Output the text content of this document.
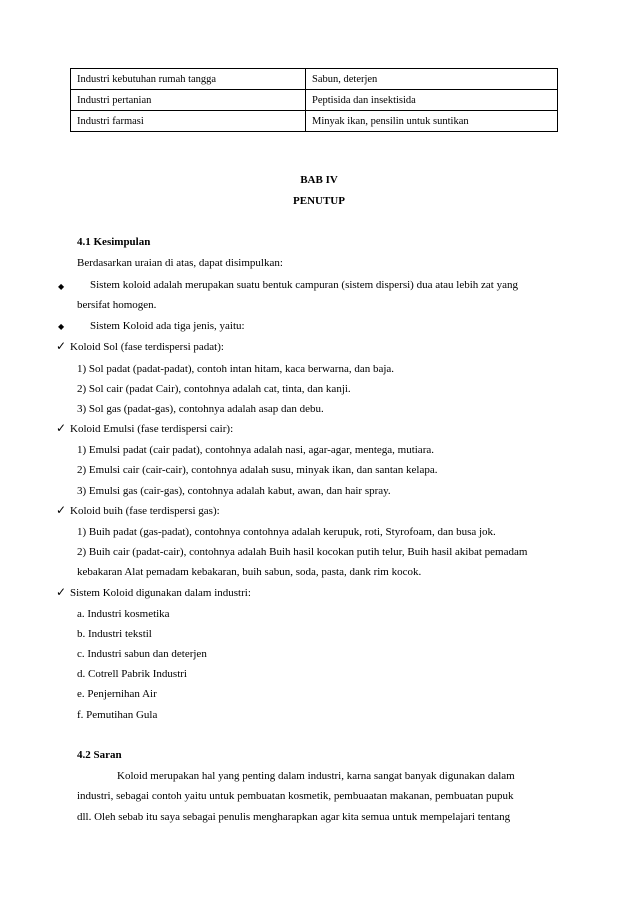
Industri kebutuhan rumah tangga	Sabun, deterjen
Industri pertanian	Peptisida dan insektisida
Industri farmasi	Minyak ikan, pensilin untuk suntikan
BAB IV
PENUTUP
4.1 Kesimpulan
Berdasarkan uraian di atas, dapat disimpulkan:
◆ Sistem koloid adalah merupakan suatu bentuk campuran (sistem dispersi) dua atau lebih zat yang
bersifat homogen.
◆ Sistem Koloid ada tiga jenis, yaitu:
✓ Koloid Sol (fase terdispersi padat):
1) Sol padat (padat-padat), contoh intan hitam, kaca berwarna, dan baja.
2) Sol cair (padat Cair), contohnya adalah cat, tinta, dan kanji.
3) Sol gas (padat-gas), contohnya adalah asap dan debu.
✓ Koloid Emulsi (fase terdispersi cair):
1) Emulsi padat (cair padat), contohnya adalah nasi, agar-agar, mentega, mutiara.
2) Emulsi cair (cair-cair), contohnya adalah susu, minyak ikan, dan santan kelapa.
3) Emulsi gas (cair-gas), contohnya adalah kabut, awan, dan hair spray.
✓ Koloid buih (fase terdispersi gas):
1) Buih padat (gas-padat), contohnya contohnya adalah kerupuk, roti, Styrofoam, dan busa jok.
2) Buih cair (padat-cair), contohnya adalah Buih hasil kocokan putih telur, Buih hasil akibat pemadam
kebakaran Alat pemadam kebakaran, buih sabun, soda, pasta, dank rim kocok.
✓ Sistem Koloid digunakan dalam industri:
a. Industri kosmetika
b. Industri tekstil
c. Industri sabun dan deterjen
d. Cotrell Pabrik Industri
e. Penjernihan Air
f. Pemutihan Gula
4.2 Saran
Koloid merupakan hal yang penting dalam industri, karna sangat banyak digunakan dalam
industri, sebagai contoh yaitu untuk pembuatan kosmetik, pembuaatan makanan, pembuatan pupuk
dll. Oleh sebab itu saya sebagai penulis mengharapkan agar kita semua untuk mempelajari tentang
